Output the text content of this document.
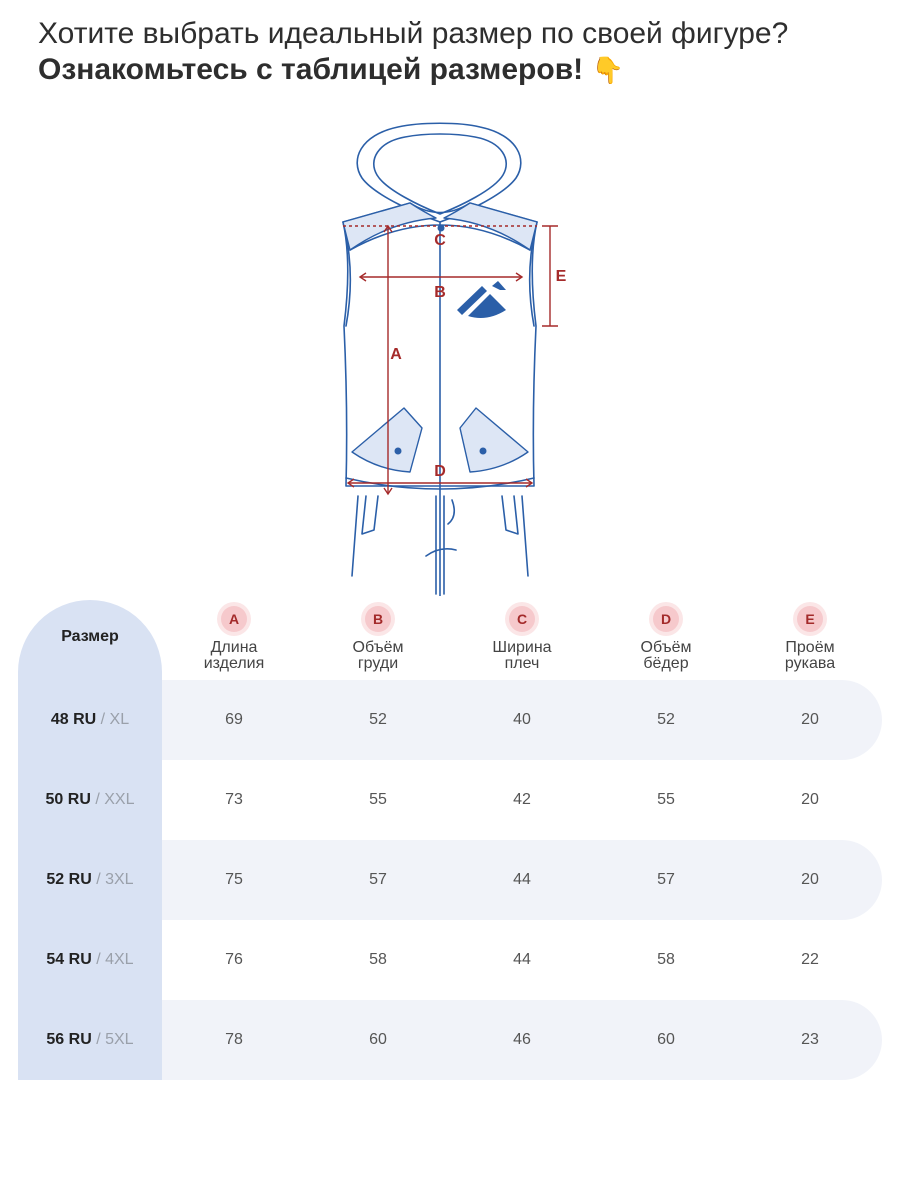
Хотите выбрать идеальный размер по своей фигуре?
Ознакомьтесь с таблицей размеров! 👇
C
B
A
D
E
Размер
A
Длина
изделия
B
Объём
груди
C
Ширина
плеч
D
Объём
бёдер
E
Проём
рукава
48 RU / XL	69	52	40	52	20
50 RU / XXL	73	55	42	55	20
52 RU / 3XL	75	57	44	57	20
54 RU / 4XL	76	58	44	58	22
56 RU / 5XL	78	60	46	60	23
